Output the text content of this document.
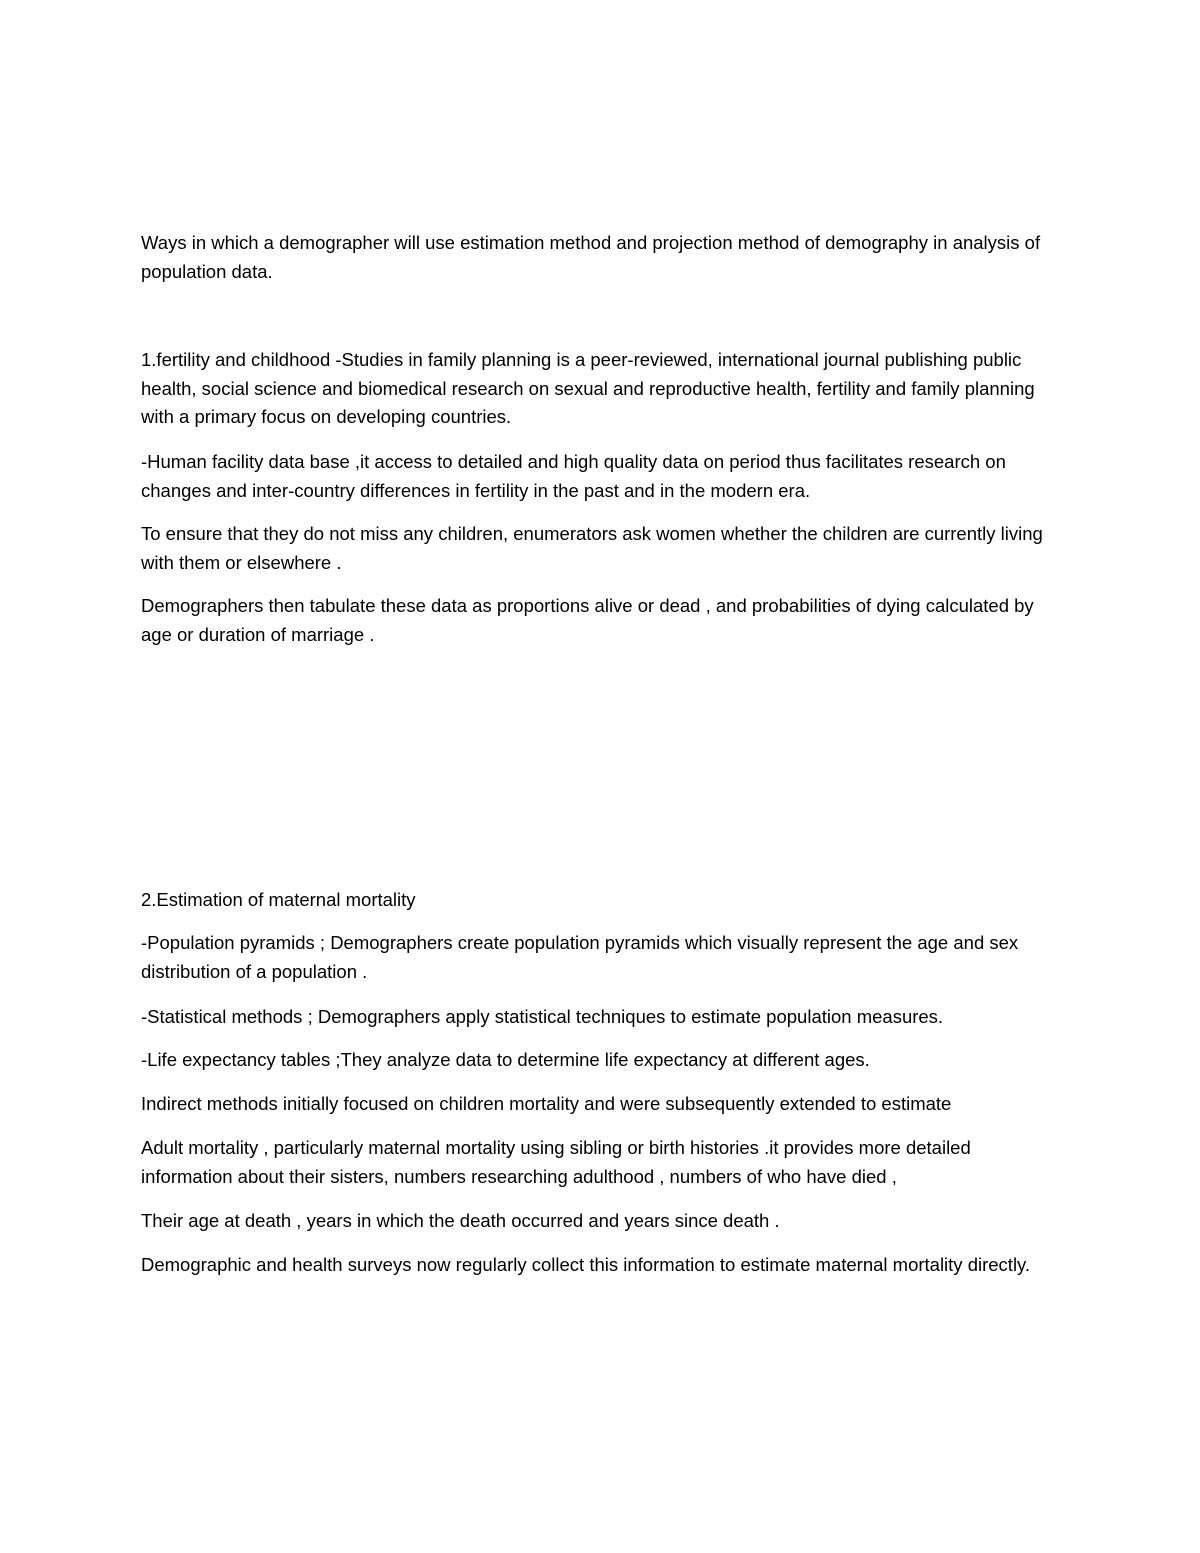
Ways in which a demographer will use estimation method and projection method of demography in analysis of population data.

1.fertility and childhood -Studies in family planning is a peer-reviewed, international journal publishing public health, social science and biomedical research on sexual and reproductive health, fertility and family planning with a primary focus on developing countries.

-Human facility data base ,it access to detailed and high quality data on period thus facilitates research on changes and inter-country differences in fertility in the past and in the modern era.

To ensure that they do not miss any children, enumerators ask women whether the children are currently living with them or elsewhere .

Demographers then tabulate these data as proportions alive or dead , and probabilities of dying calculated by age or duration of marriage .

2.Estimation of maternal mortality

-Population pyramids ; Demographers create population pyramids which visually represent the age and sex distribution of a population .

-Statistical methods ; Demographers apply statistical techniques to estimate population measures.

-Life expectancy tables ;They analyze data to determine life expectancy at different ages.

Indirect methods initially focused on children mortality and were subsequently extended to estimate

Adult mortality , particularly maternal mortality using sibling or birth histories .it provides more detailed information about their sisters, numbers researching adulthood , numbers of who have died ,

Their age at death , years in which the death occurred and years since death .

Demographic and health surveys now regularly collect this information to estimate maternal mortality directly.
